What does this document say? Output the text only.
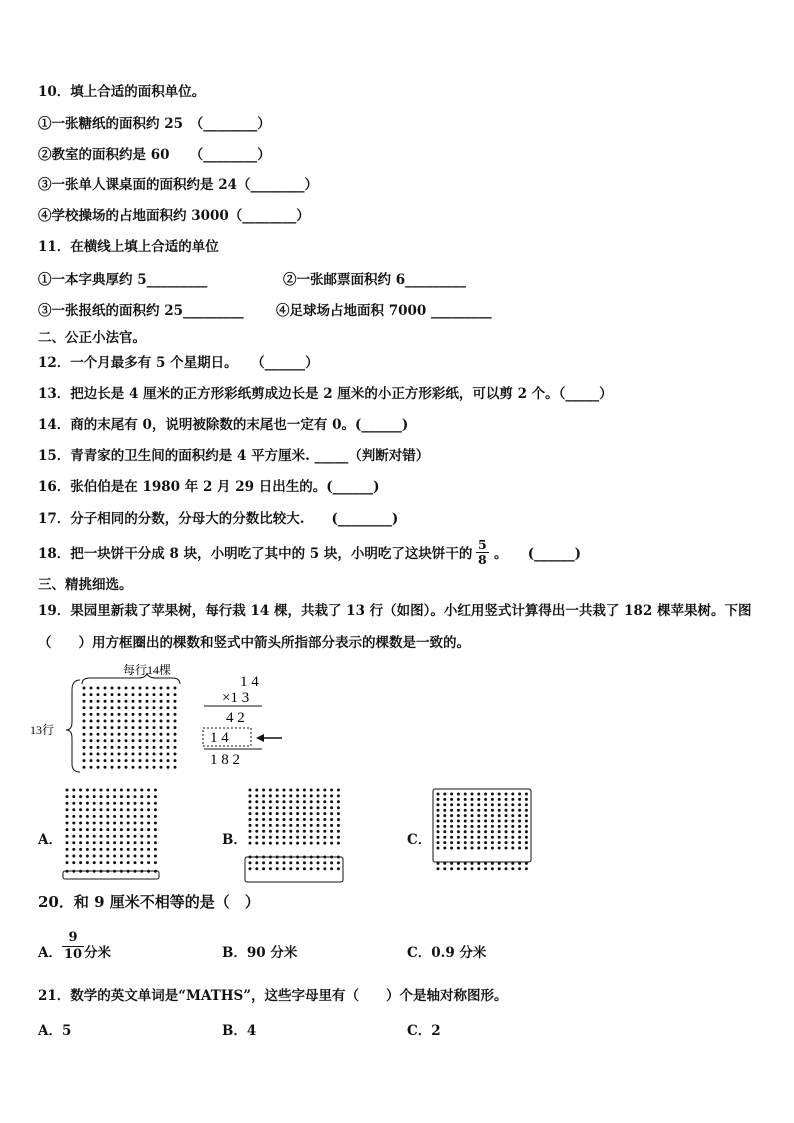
10．填上合适的面积单位。
①一张糖纸的面积约 25　（________）
②教室的面积约是 60　　（________）
③一张单人课桌面的面积约是 24（________）
④学校操场的占地面积约 3000（________）
11．在横线上填上合适的单位
①一本字典厚约 5_________	②一张邮票面积约 6_________
③一张报纸的面积约 25_________ ④足球场占地面积 7000 _________
二、公正小法官。
12．一个月最多有 5 个星期日。　　（______）
13．把边长是 4 厘米的正方形彩纸剪成边长是 2 厘米的小正方形彩纸，可以剪 2 个。（_____）
14．商的末尾有 0，说明被除数的末尾也一定有 0。(______)
15．青青家的卫生间的面积约是 4 平方厘米. _____（判断对错）
16．张伯伯是在 1980 年 2 月 29 日出生的。(______)
17．分子相同的分数，分母大的分数比较大.　　(________)
18．把一块饼干分成 8 块，小明吃了其中的 5 块，小明吃了这块饼干的 $\frac{5}{8}$ 。　　(______)
三、精挑细选。
19．果园里新栽了苹果树，每行栽 14 棵，共栽了 13 行（如图）。小红用竖式计算得出一共栽了 182 棵苹果树。下图
（　　）用方框圈出的棵数和竖式中箭头所指部分表示的棵数是一致的。
每行14棵
13行
1 4
×1 3
4 2
1 4
1 8 2
A．	B．	C．
20．和 9 厘米不相等的是（　）
A． $\frac{9}{10}$ 分米	B．90 分米	C．0.9 分米
21．数学的英文单词是“MATHS”，这些字母里有（　　）个是轴对称图形。
A．5	B．4	C．2
